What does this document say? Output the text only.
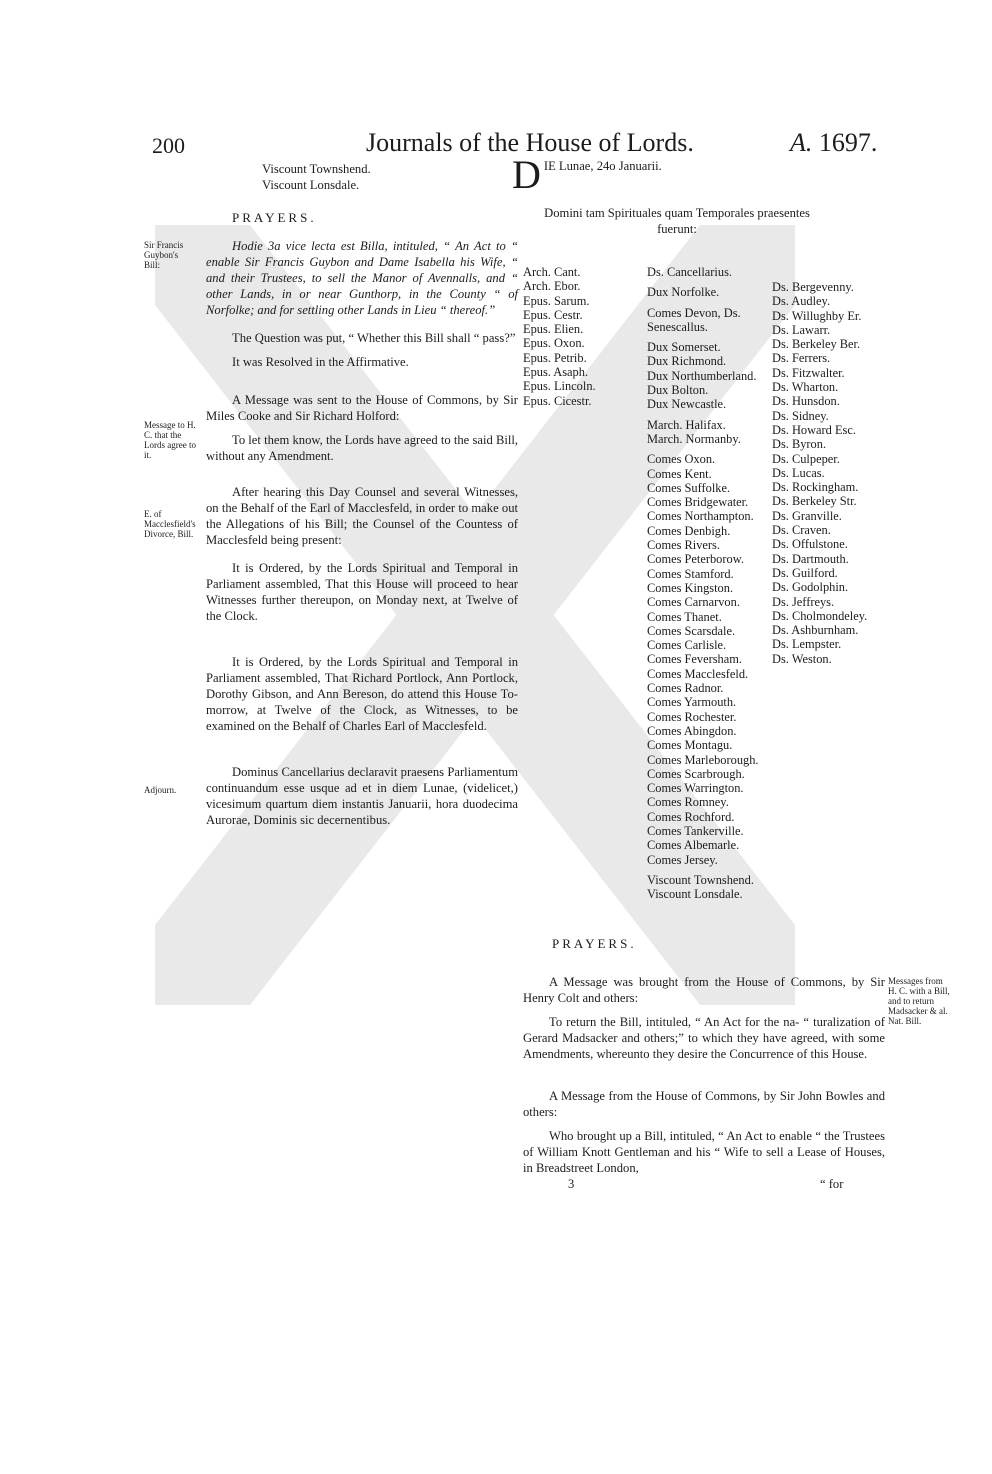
200	Journals of the House of Lords.	A. 1697.
Viscount Townshend.
Viscount Lonsdale.
PRAYERS.
Sir Francis Guybon's Bill:
Message to H. C. that the Lords agree to it.
E. of Macclesfield's Divorce, Bill.
Adjourn.

Hodie 3a vice lecta est Billa, intituled, “ An Act to “ enable Sir Francis Guybon and Dame Isabella his Wife, “ and their Trustees, to sell the Manor of Avennalls, and “ other Lands, in or near Gunthorp, in the County “ of Norfolke; and for settling other Lands in Lieu “ thereof.”

The Question was put, “ Whether this Bill shall “ pass?”

It was Resolved in the Affirmative.

A Message was sent to the House of Commons, by Sir Miles Cooke and Sir Richard Holford:

To let them know, the Lords have agreed to the said Bill, without any Amendment.

After hearing this Day Counsel and several Witnesses, on the Behalf of the Earl of Macclesfeld, in order to make out the Allegations of his Bill; the Counsel of the Countess of Macclesfeld being present:

It is Ordered, by the Lords Spiritual and Temporal in Parliament assembled, That this House will proceed to hear Witnesses further thereupon, on Monday next, at Twelve of the Clock.

It is Ordered, by the Lords Spiritual and Temporal in Parliament assembled, That Richard Portlock, Ann Portlock, Dorothy Gibson, and Ann Bereson, do attend this House To-morrow, at Twelve of the Clock, as Witnesses, to be examined on the Behalf of Charles Earl of Macclesfeld.

Dominus Cancellarius declaravit praesens Parliamentum continuandum esse usque ad et in diem Lunae, (videlicet,) vicesimum quartum diem instantis Januarii, hora duodecima Aurorae, Dominis sic decernentibus.

D IE Lunae, 24o Januarii.
Domini tam Spirituales quam Temporales praesentes
fuerunt:
Arch. Cant.
Arch. Ebor.
Epus. Sarum.
Epus. Cestr.
Epus. Elien.
Epus. Oxon.
Epus. Petrib.
Epus. Asaph.
Epus. Lincoln.
Epus. Cicestr.
Ds. Cancellarius.
Dux Norfolke.
Comes Devon, Ds. Senescallus.
Dux Somerset.
Dux Richmond.
Dux Northumberland.
Dux Bolton.
Dux Newcastle.
March. Halifax.
March. Normanby.
Comes Oxon.
Comes Kent.
Comes Suffolke.
Comes Bridgewater.
Comes Northampton.
Comes Denbigh.
Comes Rivers.
Comes Peterborow.
Comes Stamford.
Comes Kingston.
Comes Carnarvon.
Comes Thanet.
Comes Scarsdale.
Comes Carlisle.
Comes Feversham.
Comes Macclesfeld.
Comes Radnor.
Comes Yarmouth.
Comes Rochester.
Comes Abingdon.
Comes Montagu.
Comes Marleborough.
Comes Scarbrough.
Comes Warrington.
Comes Romney.
Comes Rochford.
Comes Tankerville.
Comes Albemarle.
Comes Jersey.
Viscount Townshend.
Viscount Lonsdale.
Ds. Bergevenny.
Ds. Audley.
Ds. Willughby Er.
Ds. Lawarr.
Ds. Berkeley Ber.
Ds. Ferrers.
Ds. Fitzwalter.
Ds. Wharton.
Ds. Hunsdon.
Ds. Sidney.
Ds. Howard Esc.
Ds. Byron.
Ds. Culpeper.
Ds. Lucas.
Ds. Rockingham.
Ds. Berkeley Str.
Ds. Granville.
Ds. Craven.
Ds. Offulstone.
Ds. Dartmouth.
Ds. Guilford.
Ds. Godolphin.
Ds. Jeffreys.
Ds. Cholmondeley.
Ds. Ashburnham.
Ds. Lempster.
Ds. Weston.
PRAYERS.
Messages from H. C. with a Bill, and to return Madsacker & al. Nat. Bill.

A Message was brought from the House of Commons, by Sir Henry Colt and others:

To return the Bill, intituled, “ An Act for the na- “ turalization of Gerard Madsacker and others;” to which they have agreed, with some Amendments, whereunto they desire the Concurrence of this House.

A Message from the House of Commons, by Sir John Bowles and others:

Who brought up a Bill, intituled, “ An Act to enable “ the Trustees of William Knott Gentleman and his “ Wife to sell a Lease of Houses, in Breadstreet London,

3	“ for
